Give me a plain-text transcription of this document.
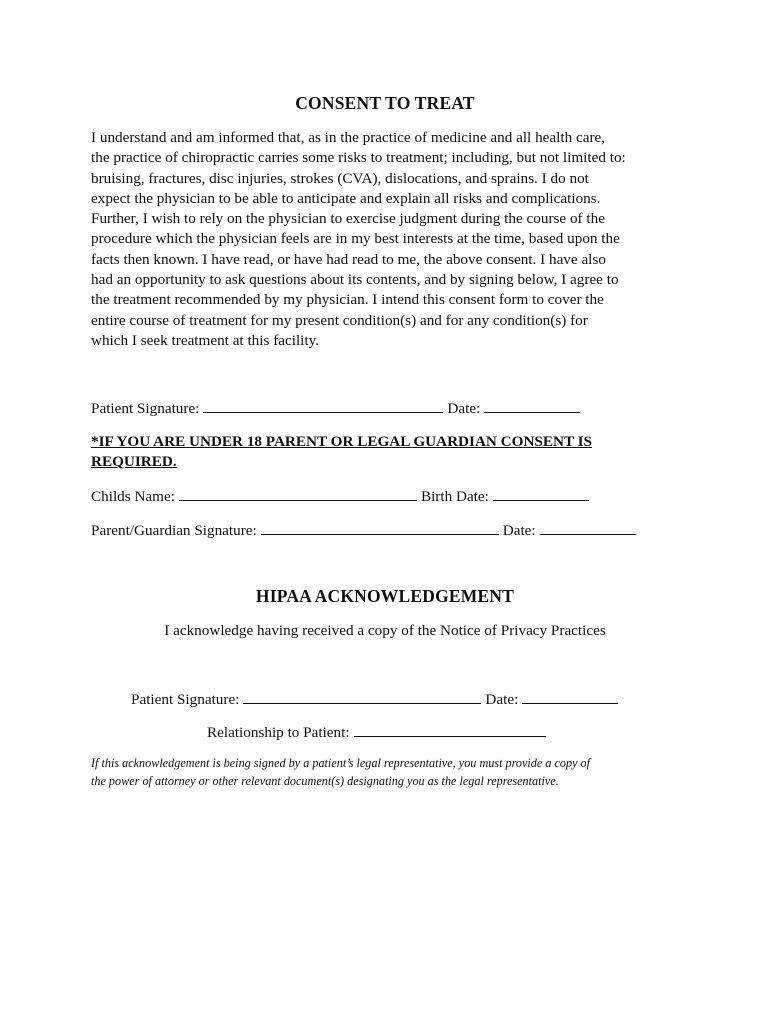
CONSENT TO TREAT
I understand and am informed that, as in the practice of medicine and all health care,
the practice of chiropractic carries some risks to treatment; including, but not limited to:
bruising, fractures, disc injuries, strokes (CVA), dislocations, and sprains. I do not
expect the physician to be able to anticipate and explain all risks and complications.
Further, I wish to rely on the physician to exercise judgment during the course of the
procedure which the physician feels are in my best interests at the time, based upon the
facts then known. I have read, or have had read to me, the above consent. I have also
had an opportunity to ask questions about its contents, and by signing below, I agree to
the treatment recommended by my physician. I intend this consent form to cover the
entire course of treatment for my present condition(s) and for any condition(s) for
which I seek treatment at this facility.
Patient Signature:	Date:
*IF YOU ARE UNDER 18 PARENT OR LEGAL GUARDIAN CONSENT IS REQUIRED.
Childs Name:	Birth Date:
Parent/Guardian Signature:	Date:
HIPAA ACKNOWLEDGEMENT
I acknowledge having received a copy of the Notice of Privacy Practices
Patient Signature:	Date:
Relationship to Patient:
If this acknowledgement is being signed by a patient’s legal representative, you must provide a copy of
the power of attorney or other relevant document(s) designating you as the legal representative.
